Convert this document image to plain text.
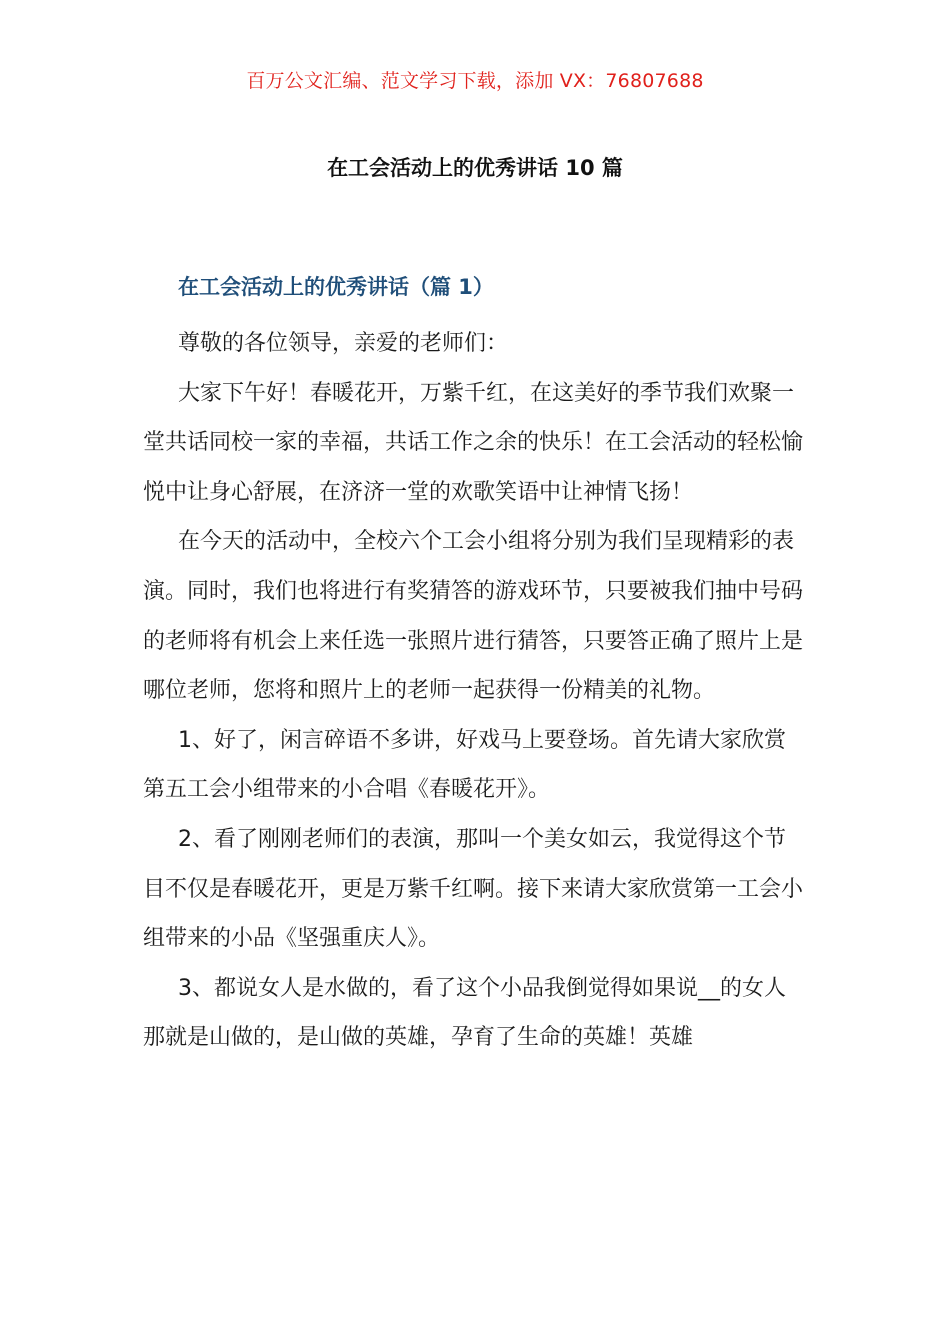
百万公文汇编、范文学习下载，添加 VX：76807688
在工会活动上的优秀讲话 10 篇
在工会活动上的优秀讲话（篇 1）

尊敬的各位领导，亲爱的老师们：

大家下午好！春暖花开，万紫千红，在这美好的季节我们欢聚一堂共话同校一家的幸福，共话工作之余的快乐！在工会活动的轻松愉悦中让身心舒展，在济济一堂的欢歌笑语中让神情飞扬！

在今天的活动中，全校六个工会小组将分别为我们呈现精彩的表演。同时，我们也将进行有奖猜答的游戏环节，只要被我们抽中号码的老师将有机会上来任选一张照片进行猜答，只要答正确了照片上是哪位老师，您将和照片上的老师一起获得一份精美的礼物。

1、好了，闲言碎语不多讲，好戏马上要登场。首先请大家欣赏第五工会小组带来的小合唱《春暖花开》。

2、看了刚刚老师们的表演，那叫一个美女如云，我觉得这个节目不仅是春暖花开，更是万紫千红啊。接下来请大家欣赏第一工会小组带来的小品《坚强重庆人》。

3、都说女人是水做的，看了这个小品我倒觉得如果说__的女人那就是山做的，是山做的英雄，孕育了生命的英雄！英雄
